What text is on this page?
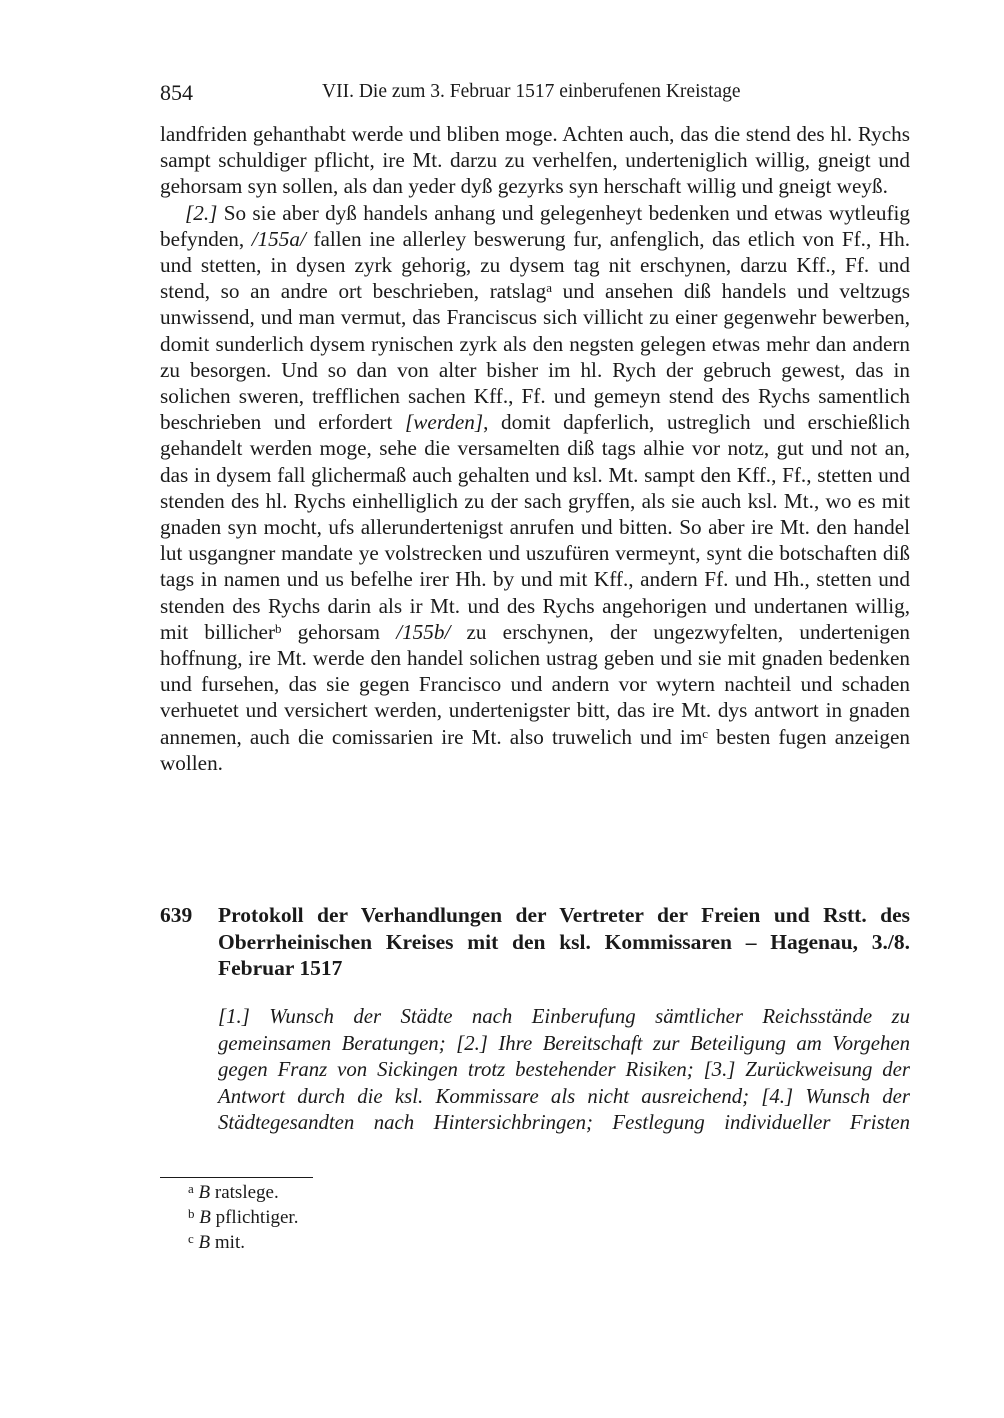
854	VII. Die zum 3. Februar 1517 einberufenen Kreistage

landfriden gehanthabt werde und bliben moge. Achten auch, das die stend des hl. Rychs sampt schuldiger pflicht, ire Mt. darzu zu verhelfen, underteniglich willig, gneigt und gehorsam syn sollen, als dan yeder dyß gezyrks syn herschaft willig und gneigt weyß.

[2.] So sie aber dyß handels anhang und gelegenheyt bedenken und etwas wytleufig befynden, /155a/ fallen ine allerley beswerung fur, anfenglich, das etlich von Ff., Hh. und stetten, in dysen zyrk gehorig, zu dysem tag nit erschynen, darzu Kff., Ff. und stend, so an andre ort beschrieben, ratslag$^a$ und ansehen diß handels und veltzugs unwissend, und man vermut, das Franciscus sich villicht zu einer gegenwehr bewerben, domit sunderlich dysem rynischen zyrk als den negsten gelegen etwas mehr dan andern zu besorgen. Und so dan von alter bisher im hl. Rych der gebruch gewest, das in solichen sweren, trefflichen sachen Kff., Ff. und gemeyn stend des Rychs samentlich beschrieben und erfordert [werden], domit dapferlich, ustreglich und erschießlich gehandelt werden moge, sehe die versamelten diß tags alhie vor notz, gut und not an, das in dysem fall glichermaß auch gehalten und ksl. Mt. sampt den Kff., Ff., stetten und stenden des hl. Rychs einhelliglich zu der sach gryffen, als sie auch ksl. Mt., wo es mit gnaden syn mocht, ufs allerundertenigst anrufen und bitten. So aber ire Mt. den handel lut usgangner mandate ye volstrecken und uszufüren vermeynt, synt die botschaften diß tags in namen und us befelhe irer Hh. by und mit Kff., andern Ff. und Hh., stetten und stenden des Rychs darin als ir Mt. und des Rychs angehorigen und undertanen willig, mit billicher$^b$ gehorsam /155b/ zu erschynen, der ungezwyfelten, undertenigen hoffnung, ire Mt. werde den handel solichen ustrag geben und sie mit gnaden bedenken und fursehen, das sie gegen Francisco und andern vor wytern nachteil und schaden verhuetet und versichert werden, undertenigster bitt, das ire Mt. dys antwort in gnaden annemen, auch die comissarien ire Mt. also truwelich und $im^c$ besten fugen anzeigen wollen.

639 Protokoll der Verhandlungen der Vertreter der Freien und Rstt. des Oberrheinischen Kreises mit den ksl. Kommissaren – Hagenau, 3./8. Februar 1517
[1.] Wunsch der Städte nach Einberufung sämtlicher Reichsstände zu gemeinsamen Beratungen; [2.] Ihre Bereitschaft zur Beteiligung am Vorgehen gegen Franz von Sickingen trotz bestehender Risiken; [3.] Zurückweisung der Antwort durch die ksl. Kommissare als nicht ausreichend; [4.] Wunsch der Städtegesandten nach Hintersichbringen; Festlegung individueller Fristen
$^a$ B ratslege.
$^b$ B pflichtiger.
$^c$ B mit.
